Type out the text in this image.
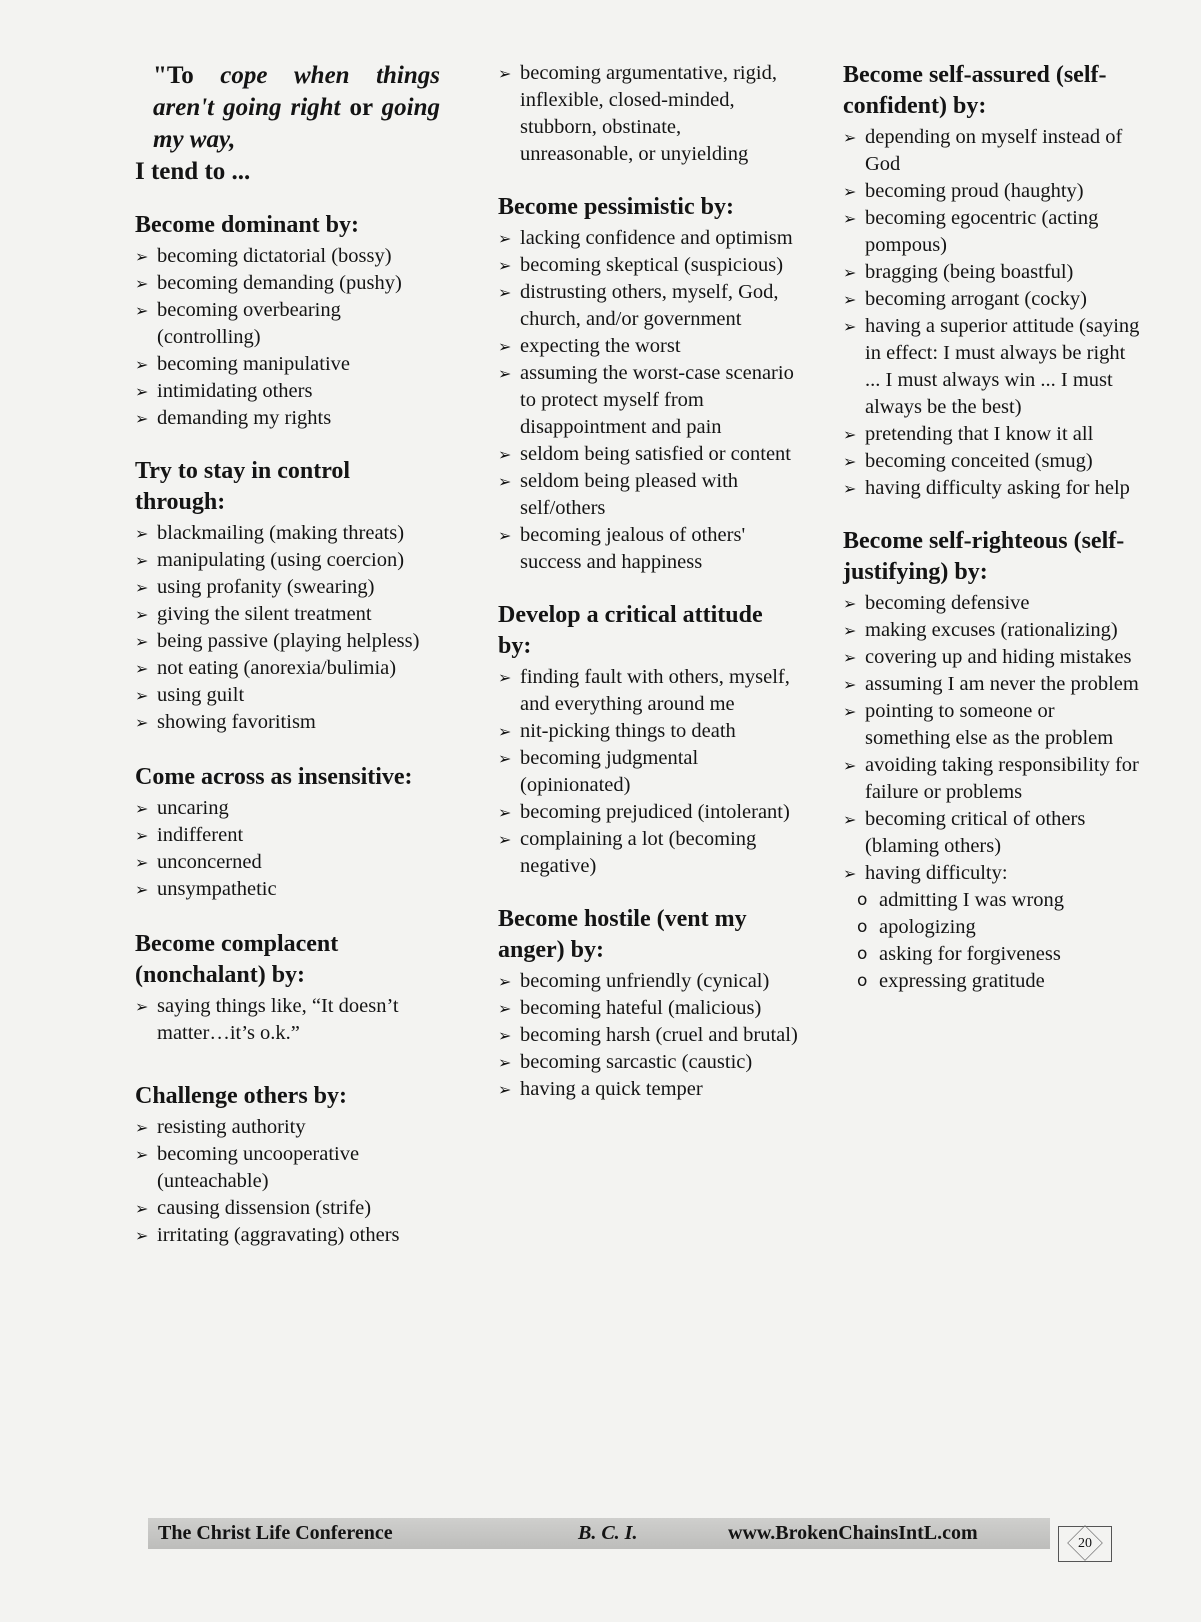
"To cope when things aren't going right or going my way,
I tend to ...
Become dominant by:
➢ becoming dictatorial (bossy)
➢ becoming demanding (pushy)
➢ becoming overbearing (controlling)
➢ becoming manipulative
➢ intimidating others
➢ demanding my rights
Try to stay in control through:
➢ blackmailing (making threats)
➢ manipulating (using coercion)
➢ using profanity (swearing)
➢ giving the silent treatment
➢ being passive (playing helpless)
➢ not eating (anorexia/bulimia)
➢ using guilt
➢ showing favoritism
Come across as insensitive:
➢ uncaring
➢ indifferent
➢ unconcerned
➢ unsympathetic
Become complacent (nonchalant) by:
➢ saying things like, “It doesn’t matter…it’s o.k.”
Challenge others by:
➢ resisting authority
➢ becoming uncooperative (unteachable)
➢ causing dissension (strife)
➢ irritating (aggravating) others
➢ becoming argumentative, rigid, inflexible, closed-minded, stubborn, obstinate, unreasonable, or unyielding
Become pessimistic by:
➢ lacking confidence and optimism
➢ becoming skeptical (suspicious)
➢ distrusting others, myself, God, church, and/or government
➢ expecting the worst
➢ assuming the worst-case scenario to protect myself from disappointment and pain
➢ seldom being satisfied or content
➢ seldom being pleased with self/others
➢ becoming jealous of others' success and happiness
Develop a critical attitude by:
➢ finding fault with others, myself, and everything around me
➢ nit-picking things to death
➢ becoming judgmental (opinionated)
➢ becoming prejudiced (intolerant)
➢ complaining a lot (becoming negative)
Become hostile (vent my anger) by:
➢ becoming unfriendly (cynical)
➢ becoming hateful (malicious)
➢ becoming harsh (cruel and brutal)
➢ becoming sarcastic (caustic)
➢ having a quick temper
Become self-assured (self-confident) by:
➢ depending on myself instead of God
➢ becoming proud (haughty)
➢ becoming egocentric (acting pompous)
➢ bragging (being boastful)
➢ becoming arrogant (cocky)
➢ having a superior attitude (saying in effect: I must always be right ... I must always win ... I must always be the best)
➢ pretending that I know it all
➢ becoming conceited (smug)
➢ having difficulty asking for help
Become self-righteous (self-justifying) by:
➢ becoming defensive
➢ making excuses (rationalizing)
➢ covering up and hiding mistakes
➢ assuming I am never the problem
➢ pointing to someone or something else as the problem
➢ avoiding taking responsibility for failure or problems
➢ becoming critical of others (blaming others)
➢ having difficulty:
o admitting I was wrong
o apologizing
o asking for forgiveness
o expressing gratitude
The Christ Life Conference	B. C. I.	www.BrokenChainsIntL.com	20
